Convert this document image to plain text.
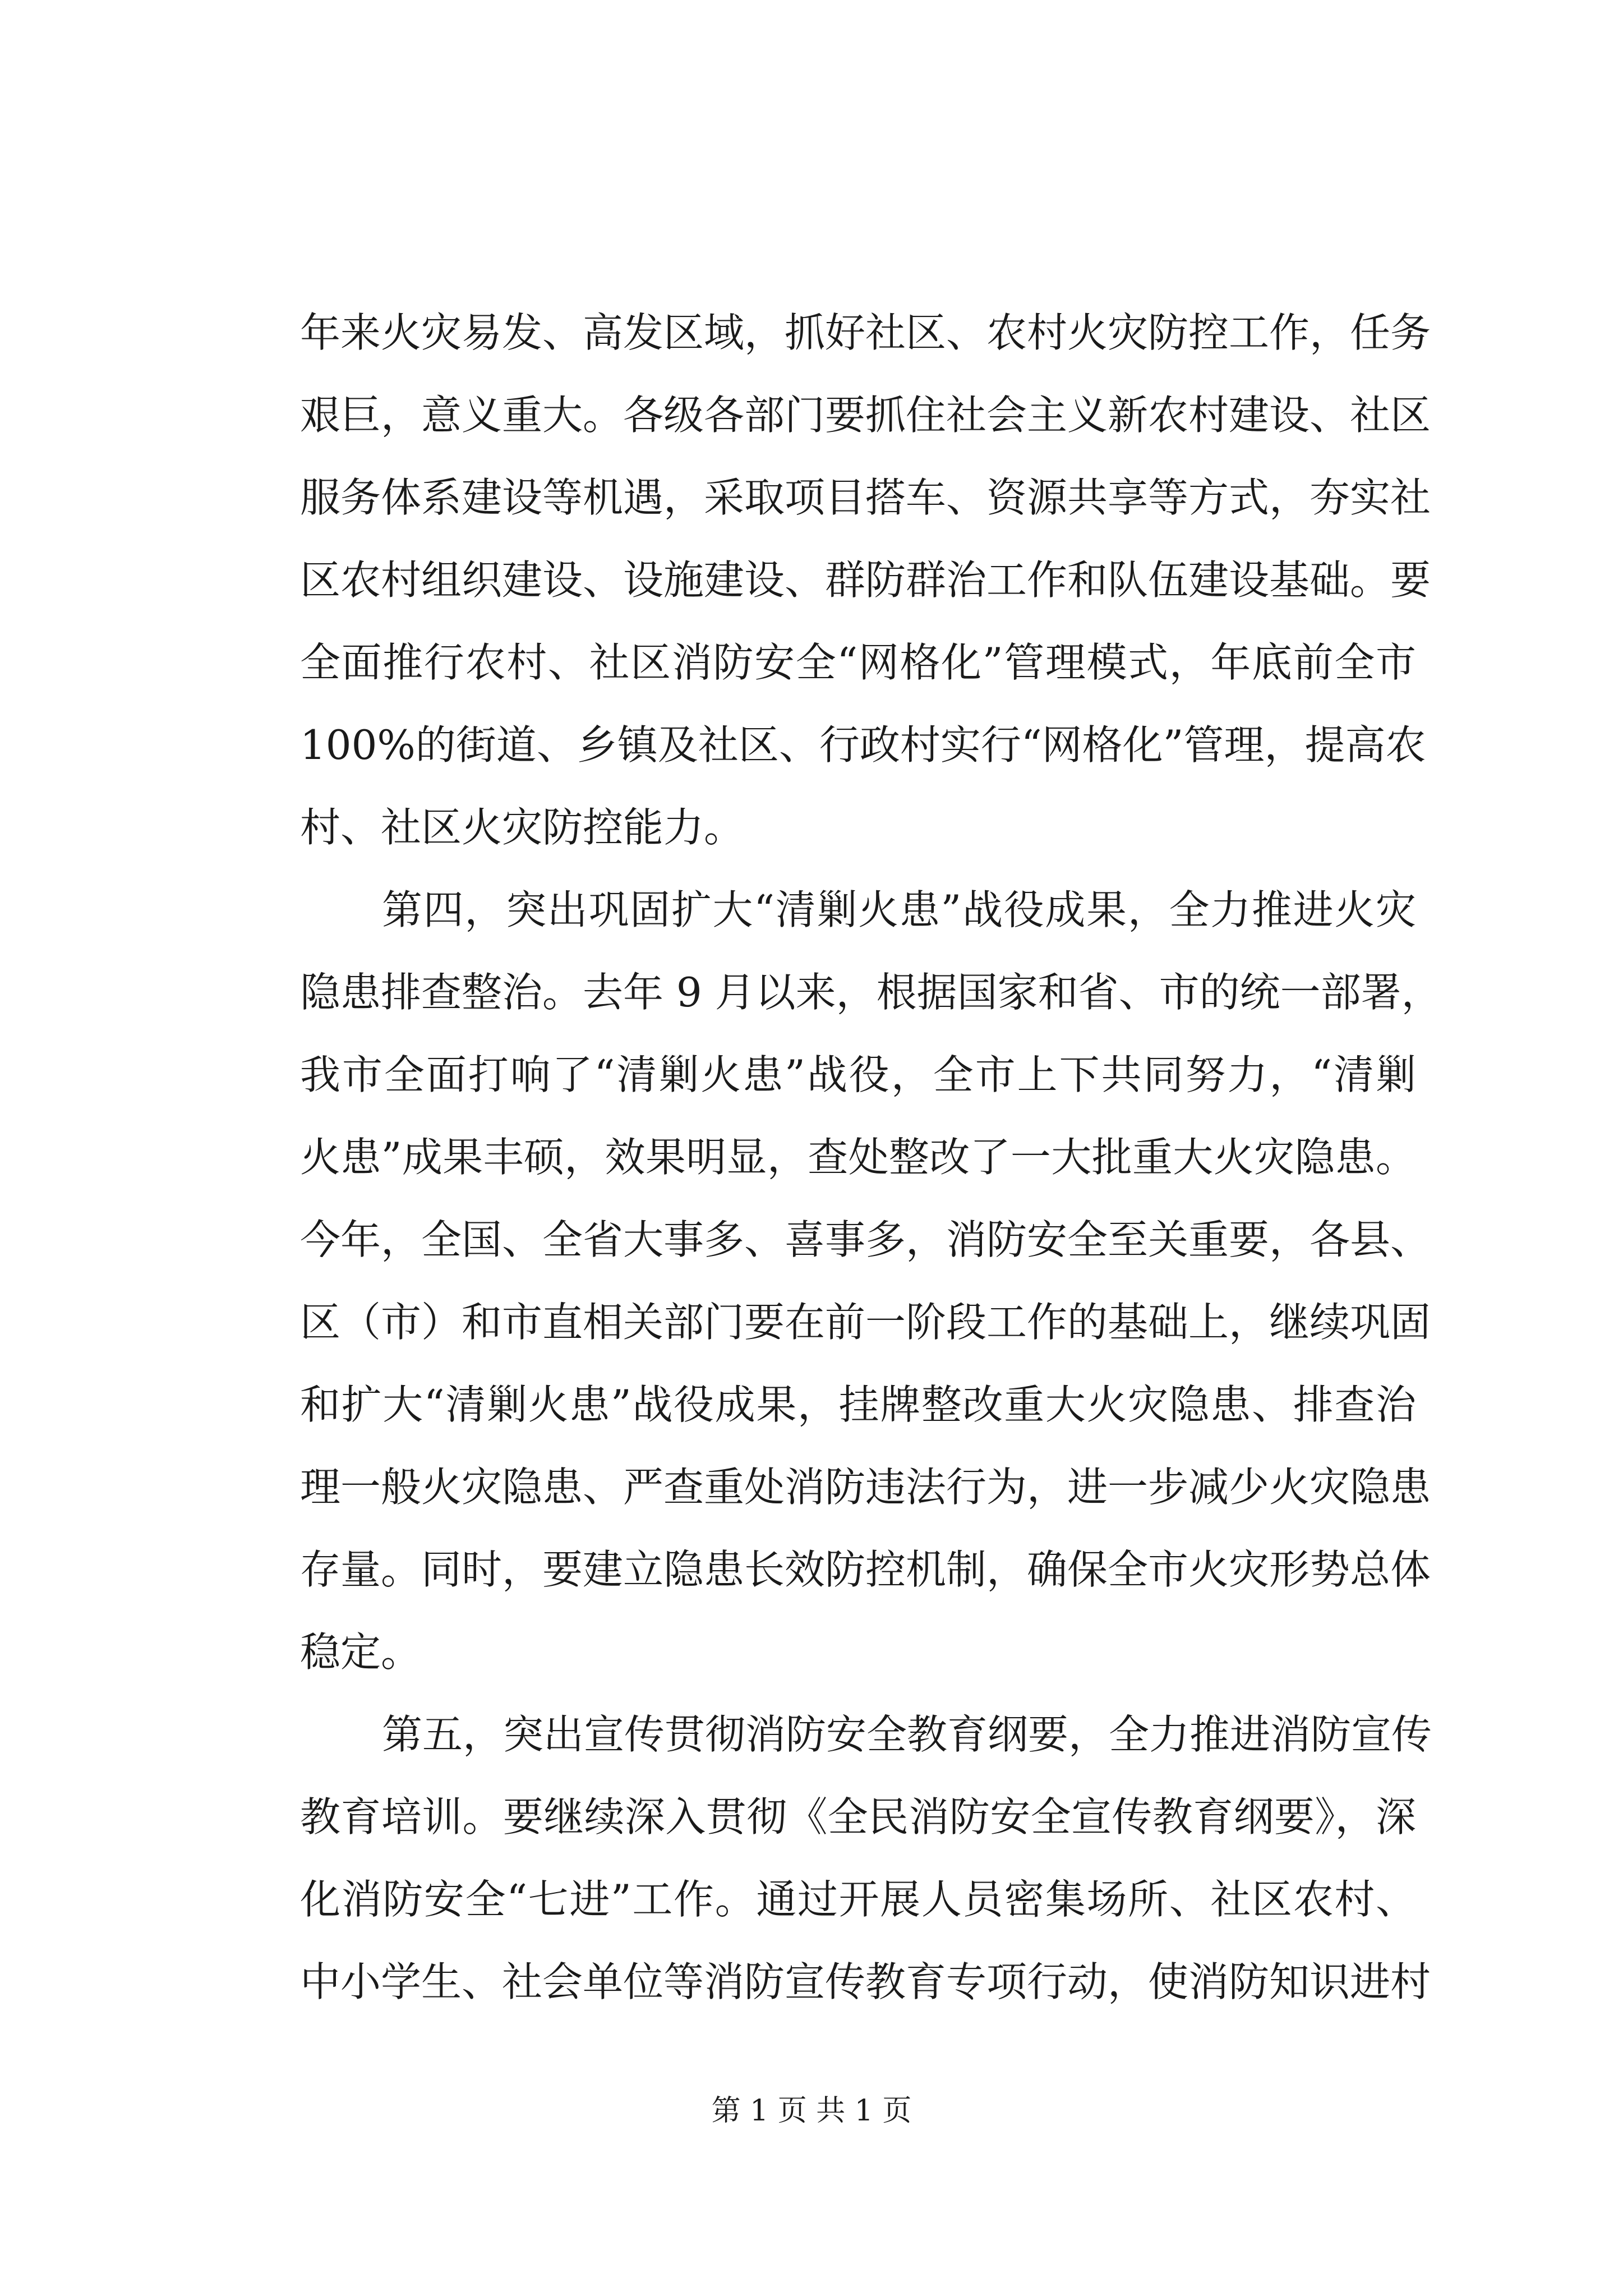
年来火灾易发、高发区域，抓好社区、农村火灾防控工作，任务
艰巨，意义重大。各级各部门要抓住社会主义新农村建设、社区
服务体系建设等机遇，采取项目搭车、资源共享等方式，夯实社
区农村组织建设、设施建设、群防群治工作和队伍建设基础。要
全面推行农村、社区消防安全“网格化”管理模式，年底前全市
100%的街道、乡镇及社区、行政村实行“网格化”管理，提高农
村、社区火灾防控能力。
第四，突出巩固扩大“清剿火患”战役成果，全力推进火灾
隐患排查整治。去年 9 月以来，根据国家和省、市的统一部署，
我市全面打响了“清剿火患”战役，全市上下共同努力，“清剿
火患”成果丰硕，效果明显，查处整改了一大批重大火灾隐患。
今年，全国、全省大事多、喜事多，消防安全至关重要，各县、
区（市）和市直相关部门要在前一阶段工作的基础上，继续巩固
和扩大“清剿火患”战役成果，挂牌整改重大火灾隐患、排查治
理一般火灾隐患、严查重处消防违法行为，进一步减少火灾隐患
存量。同时，要建立隐患长效防控机制，确保全市火灾形势总体
稳定。
第五，突出宣传贯彻消防安全教育纲要，全力推进消防宣传
教育培训。要继续深入贯彻《全民消防安全宣传教育纲要》，深
化消防安全“七进”工作。通过开展人员密集场所、社区农村、
中小学生、社会单位等消防宣传教育专项行动，使消防知识进村
第 1 页 共 1 页
